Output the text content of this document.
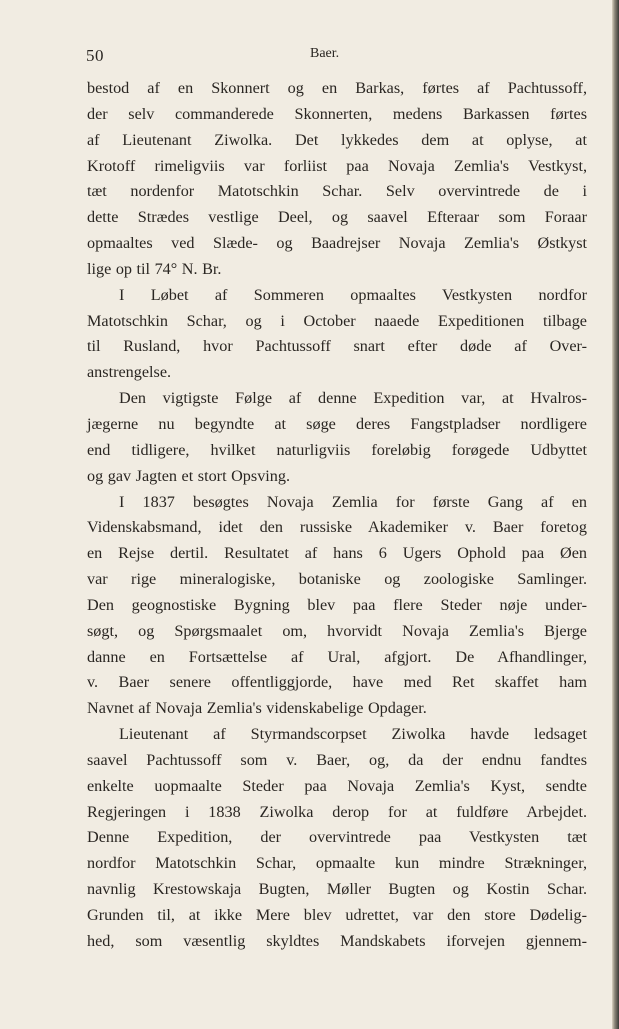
50	Baer.
bestod af en Skonnert og en Barkas, førtes af Pachtussoff,
der selv commanderede Skonnerten, medens Barkassen førtes
af Lieutenant Ziwolka. Det lykkedes dem at oplyse, at
Krotoff rimeligviis var forliist paa Novaja Zemlia's Vestkyst,
tæt nordenfor Matotschkin Schar. Selv overvintrede de i
dette Strædes vestlige Deel, og saavel Efteraar som Foraar
opmaaltes ved Slæde- og Baadrejser Novaja Zemlia's Østkyst
lige op til 74° N. Br.
I Løbet af Sommeren opmaaltes Vestkysten nordfor
Matotschkin Schar, og i October naaede Expeditionen tilbage
til Rusland, hvor Pachtussoff snart efter døde af Over-
anstrengelse.
Den vigtigste Følge af denne Expedition var, at Hvalros-
jægerne nu begyndte at søge deres Fangstpladser nordligere
end tidligere, hvilket naturligviis foreløbig forøgede Udbyttet
og gav Jagten et stort Opsving.
I 1837 besøgtes Novaja Zemlia for første Gang af en
Videnskabsmand, idet den russiske Akademiker v. Baer foretog
en Rejse dertil. Resultatet af hans 6 Ugers Ophold paa Øen
var rige mineralogiske, botaniske og zoologiske Samlinger.
Den geognostiske Bygning blev paa flere Steder nøje under-
søgt, og Spørgsmaalet om, hvorvidt Novaja Zemlia's Bjerge
danne en Fortsættelse af Ural, afgjort. De Afhandlinger,
v. Baer senere offentliggjorde, have med Ret skaffet ham
Navnet af Novaja Zemlia's videnskabelige Opdager.
Lieutenant af Styrmandscorpset Ziwolka havde ledsaget
saavel Pachtussoff som v. Baer, og, da der endnu fandtes
enkelte uopmaalte Steder paa Novaja Zemlia's Kyst, sendte
Regjeringen i 1838 Ziwolka derop for at fuldføre Arbejdet.
Denne Expedition, der overvintrede paa Vestkysten tæt
nordfor Matotschkin Schar, opmaalte kun mindre Strækninger,
navnlig Krestowskaja Bugten, Møller Bugten og Kostin Schar.
Grunden til, at ikke Mere blev udrettet, var den store Dødelig-
hed, som væsentlig skyldtes Mandskabets iforvejen gjennem-
